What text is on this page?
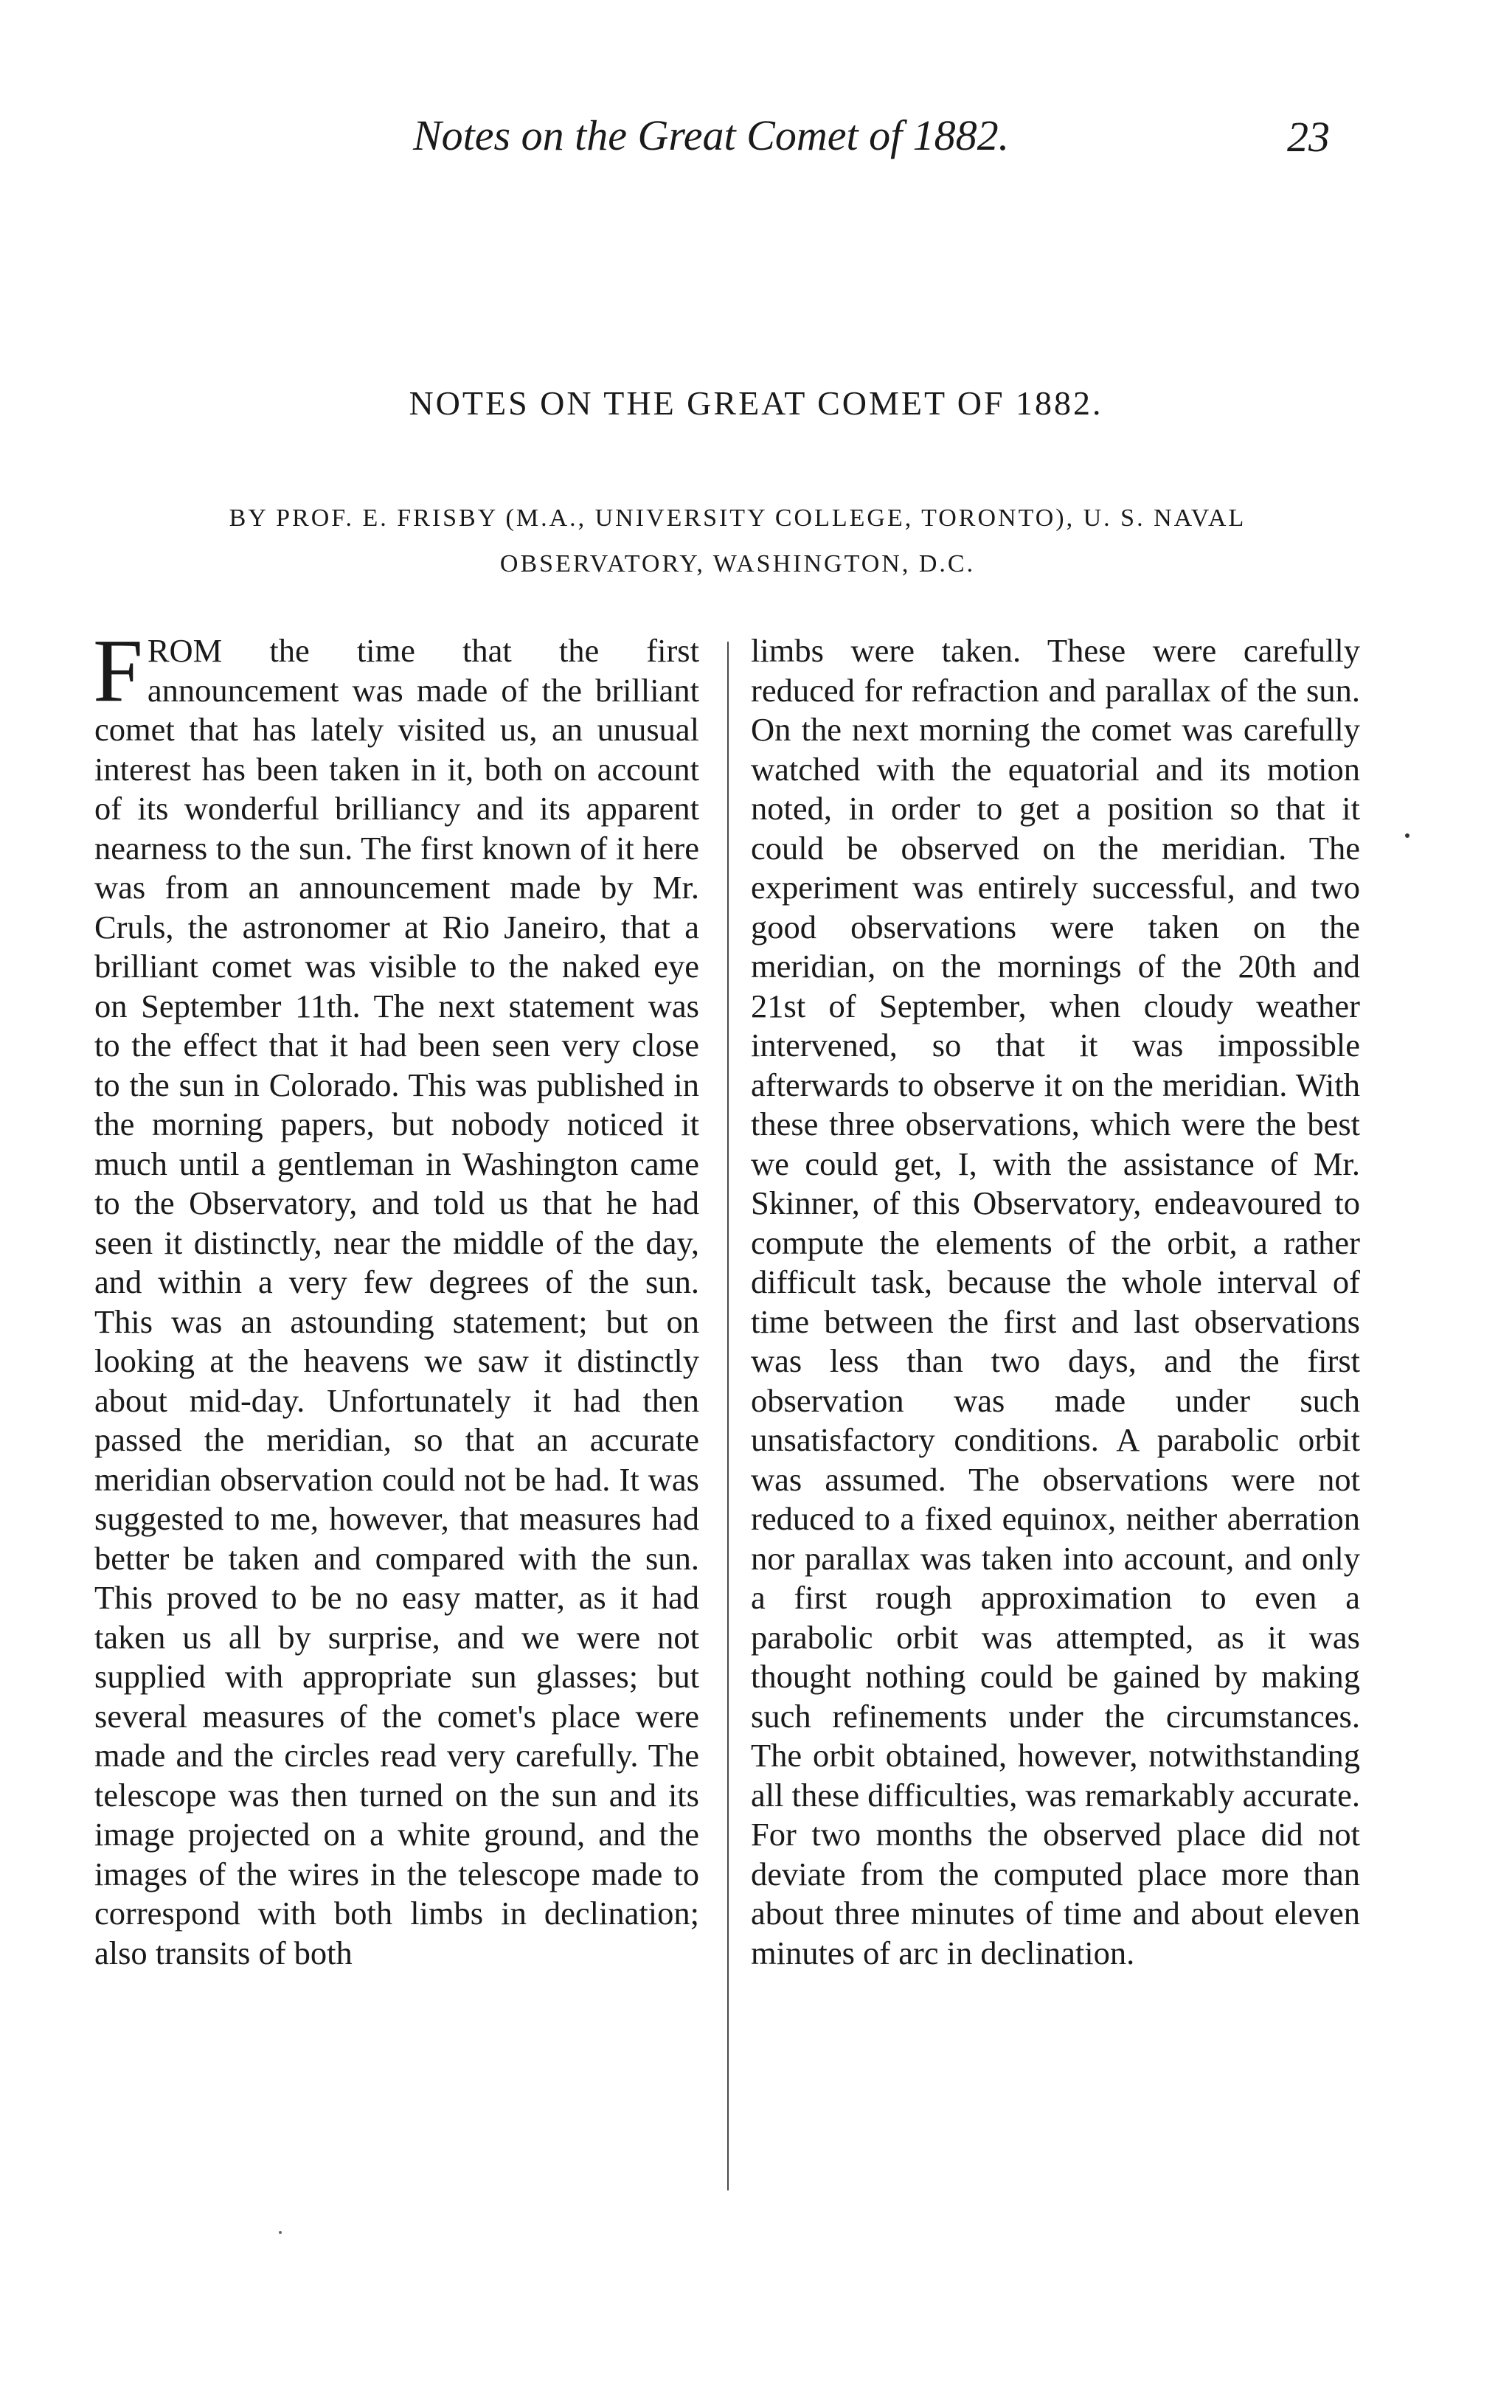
Notes on the Great Comet of 1882.	23
NOTES ON THE GREAT COMET OF 1882.
BY PROF. E. FRISBY (M.A., UNIVERSITY COLLEGE, TORONTO), U. S. NAVAL
OBSERVATORY, WASHINGTON, D.C.

FROM the time that the first announcement was made of the brilliant comet that has lately visited us, an unusual interest has been taken in it, both on account of its wonderful brilliancy and its apparent nearness to the sun. The first known of it here was from an announcement made by Mr. Cruls, the astronomer at Rio Janeiro, that a brilliant comet was visible to the naked eye on September 11th. The next statement was to the effect that it had been seen very close to the sun in Colorado. This was published in the morning papers, but nobody noticed it much until a gentleman in Washington came to the Observatory, and told us that he had seen it distinctly, near the middle of the day, and within a very few degrees of the sun. This was an astounding statement; but on looking at the heavens we saw it distinctly about mid-day. Unfortunately it had then passed the meridian, so that an accurate meridian observation could not be had. It was suggested to me, however, that measures had better be taken and compared with the sun. This proved to be no easy matter, as it had taken us all by surprise, and we were not supplied with appropriate sun glasses; but several measures of the comet's place were made and the circles read very carefully. The telescope was then turned on the sun and its image projected on a white ground, and the images of the wires in the telescope made to correspond with both limbs in declination; also transits of both

limbs were taken. These were carefully reduced for refraction and parallax of the sun. On the next morning the comet was carefully watched with the equatorial and its motion noted, in order to get a position so that it could be observed on the meridian. The experiment was entirely successful, and two good observations were taken on the meridian, on the mornings of the 20th and 21st of September, when cloudy weather intervened, so that it was impossible afterwards to observe it on the meridian. With these three observations, which were the best we could get, I, with the assistance of Mr. Skinner, of this Observatory, endeavoured to compute the elements of the orbit, a rather difficult task, because the whole interval of time between the first and last observations was less than two days, and the first observation was made under such unsatisfactory conditions. A parabolic orbit was assumed. The observations were not reduced to a fixed equinox, neither aberration nor parallax was taken into account, and only a first rough approximation to even a parabolic orbit was attempted, as it was thought nothing could be gained by making such refinements under the circumstances. The orbit obtained, however, notwithstanding all these difficulties, was remarkably accurate. For two months the observed place did not deviate from the computed place more than about three minutes of time and about eleven minutes of arc in declination.
